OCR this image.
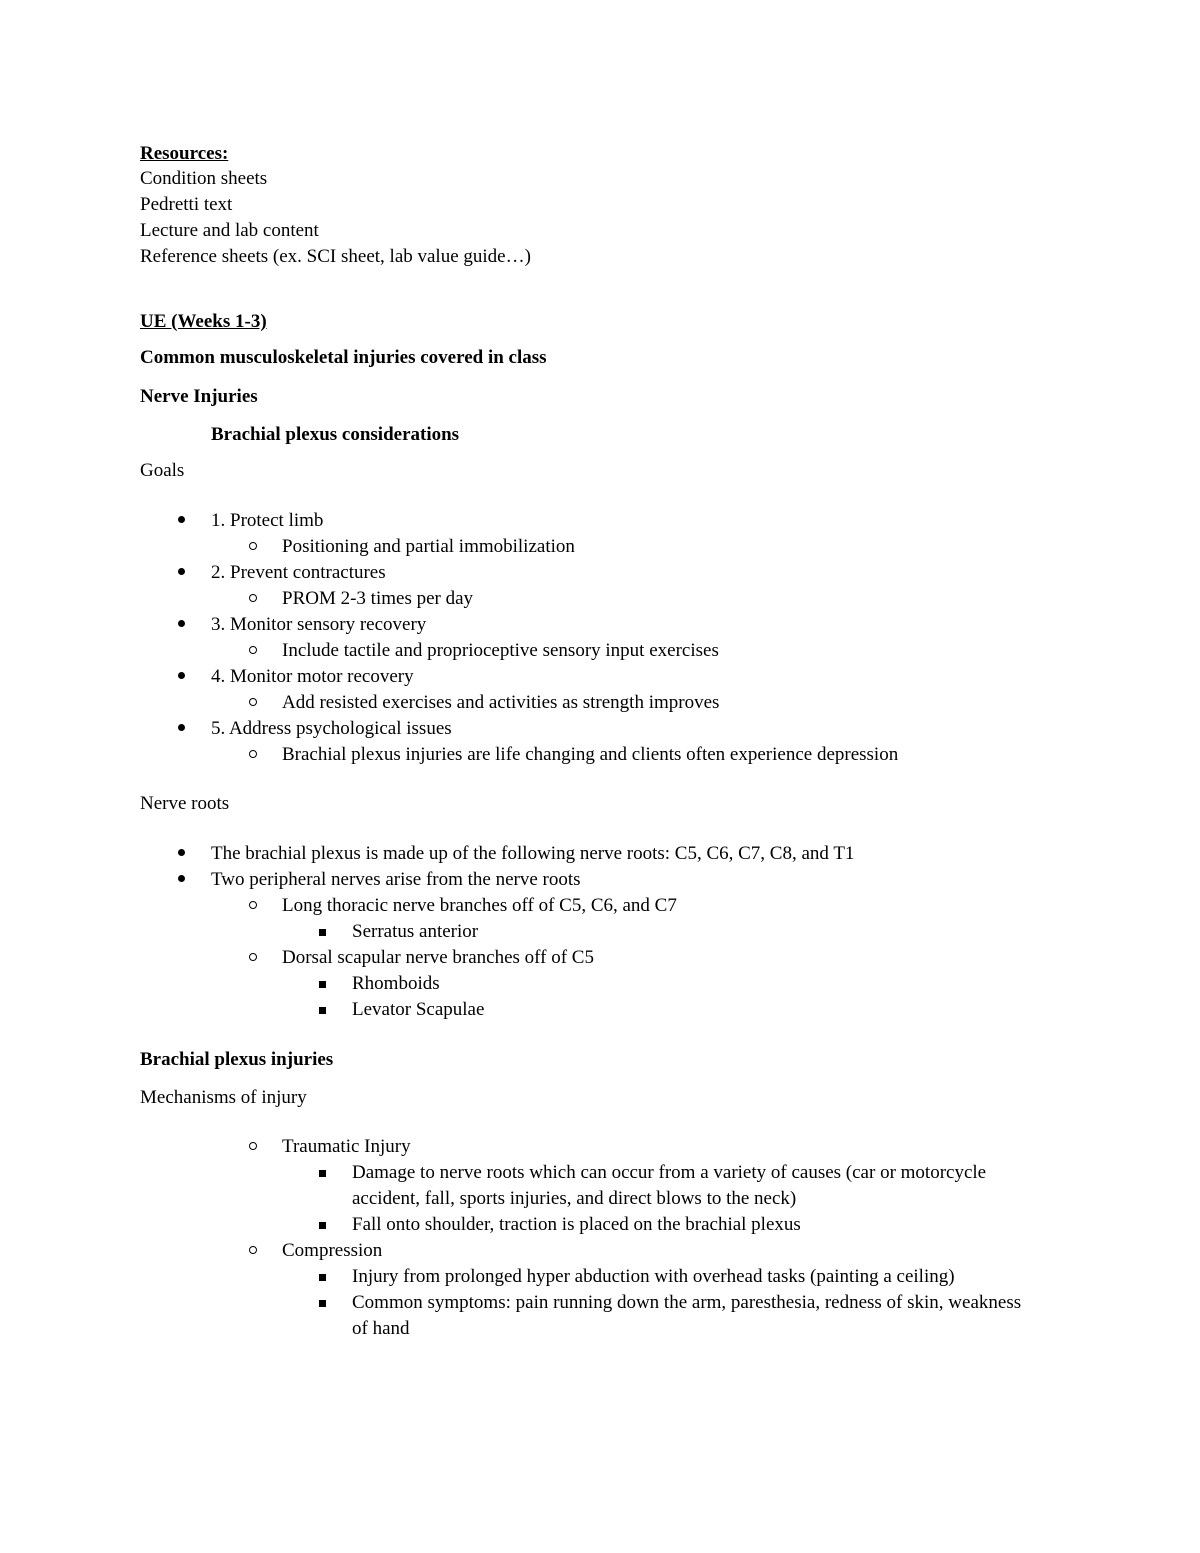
Resources:
Condition sheets
Pedretti text
Lecture and lab content
Reference sheets (ex. SCI sheet, lab value guide…)
UE (Weeks 1-3)
Common musculoskeletal injuries covered in class
Nerve Injuries
Brachial plexus considerations
Goals
1. Protect limb
Positioning and partial immobilization
2. Prevent contractures
PROM 2-3 times per day
3. Monitor sensory recovery
Include tactile and proprioceptive sensory input exercises
4. Monitor motor recovery
Add resisted exercises and activities as strength improves
5. Address psychological issues
Brachial plexus injuries are life changing and clients often experience depression
Nerve roots
The brachial plexus is made up of the following nerve roots: C5, C6, C7, C8, and T1
Two peripheral nerves arise from the nerve roots
Long thoracic nerve branches off of C5, C6, and C7
Serratus anterior
Dorsal scapular nerve branches off of C5
Rhomboids
Levator Scapulae
Brachial plexus injuries
Mechanisms of injury
Traumatic Injury
Damage to nerve roots which can occur from a variety of causes (car or motorcycle
accident, fall, sports injuries, and direct blows to the neck)
Fall onto shoulder, traction is placed on the brachial plexus
Compression
Injury from prolonged hyper abduction with overhead tasks (painting a ceiling)
Common symptoms: pain running down the arm, paresthesia, redness of skin, weakness
of hand
